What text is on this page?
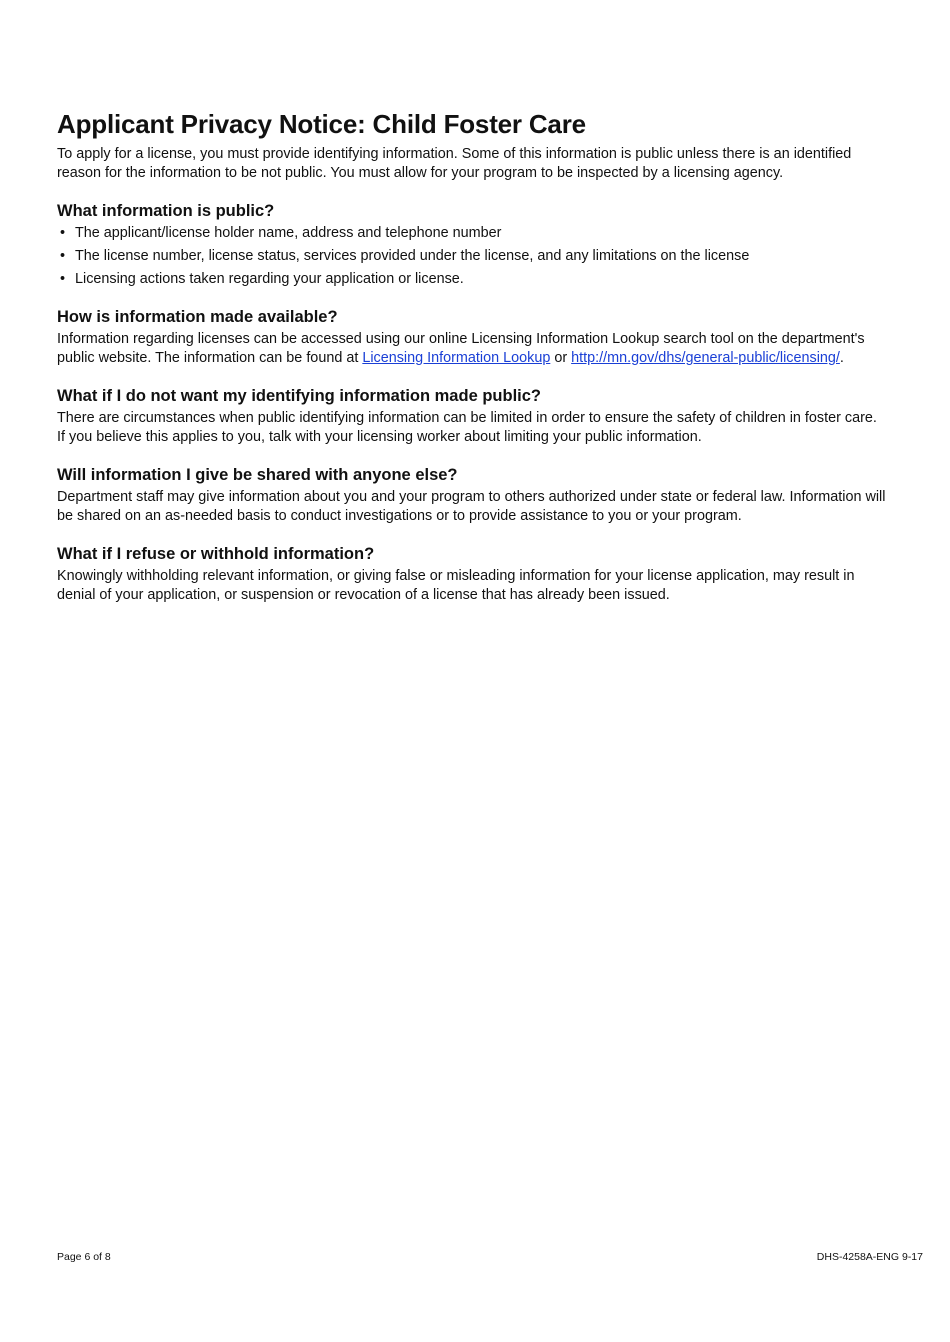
Applicant Privacy Notice: Child Foster Care

To apply for a license, you must provide identifying information. Some of this information is public unless there is an identified reason for the information to be not public. You must allow for your program to be inspected by a licensing agency.

What information is public?
• The applicant/license holder name, address and telephone number
• The license number, license status, services provided under the license, and any limitations on the license
• Licensing actions taken regarding your application or license.
How is information made available?

Information regarding licenses can be accessed using our online Licensing Information Lookup search tool on the department's public website. The information can be found at Licensing Information Lookup or http://mn.gov/dhs/general-public/licensing/.

What if I do not want my identifying information made public?

There are circumstances when public identifying information can be limited in order to ensure the safety of children in foster care. If you believe this applies to you, talk with your licensing worker about limiting your public information.

Will information I give be shared with anyone else?

Department staff may give information about you and your program to others authorized under state or federal law. Information will be shared on an as-needed basis to conduct investigations or to provide assistance to you or your program.

What if I refuse or withhold information?

Knowingly withholding relevant information, or giving false or misleading information for your license application, may result in denial of your application, or suspension or revocation of a license that has already been issued.

Page 6 of 8	DHS-4258A-ENG 9-17
